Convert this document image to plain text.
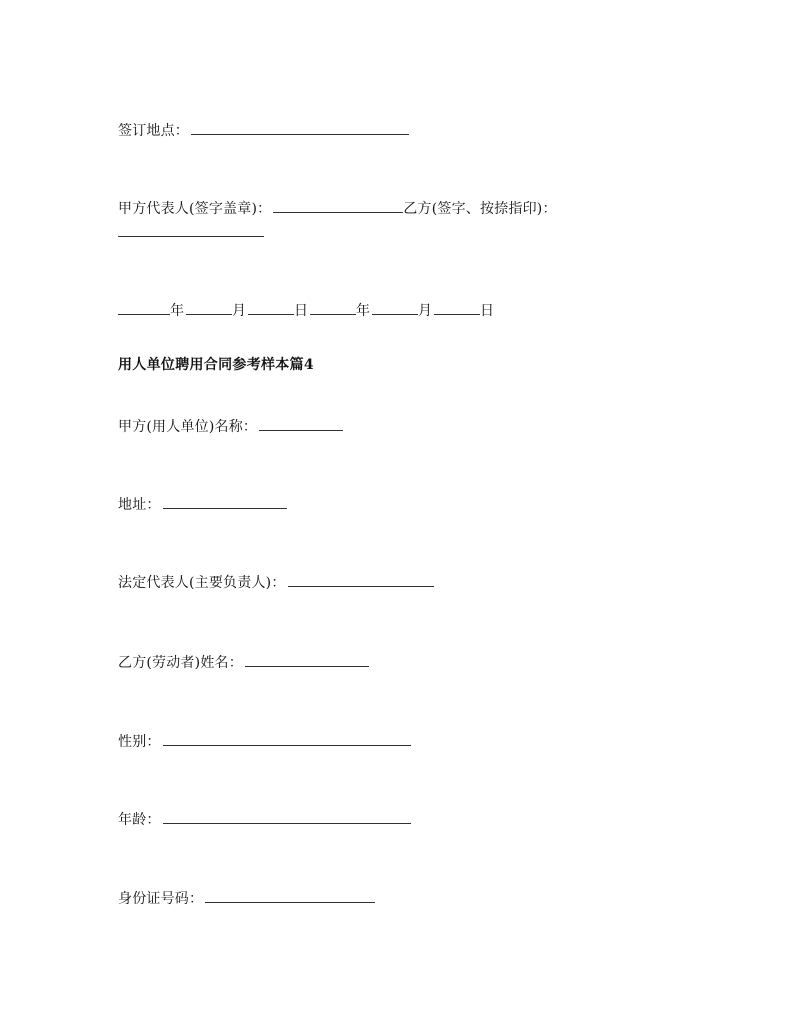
签订地点：
甲方代表人(签字盖章)：	乙方(签字、按捺指印)：
年	月	日	年	月	日
用人单位聘用合同参考样本篇4
甲方(用人单位)名称：
地址：
法定代表人(主要负责人)：
乙方(劳动者)姓名：
性别：
年龄：
身份证号码：
